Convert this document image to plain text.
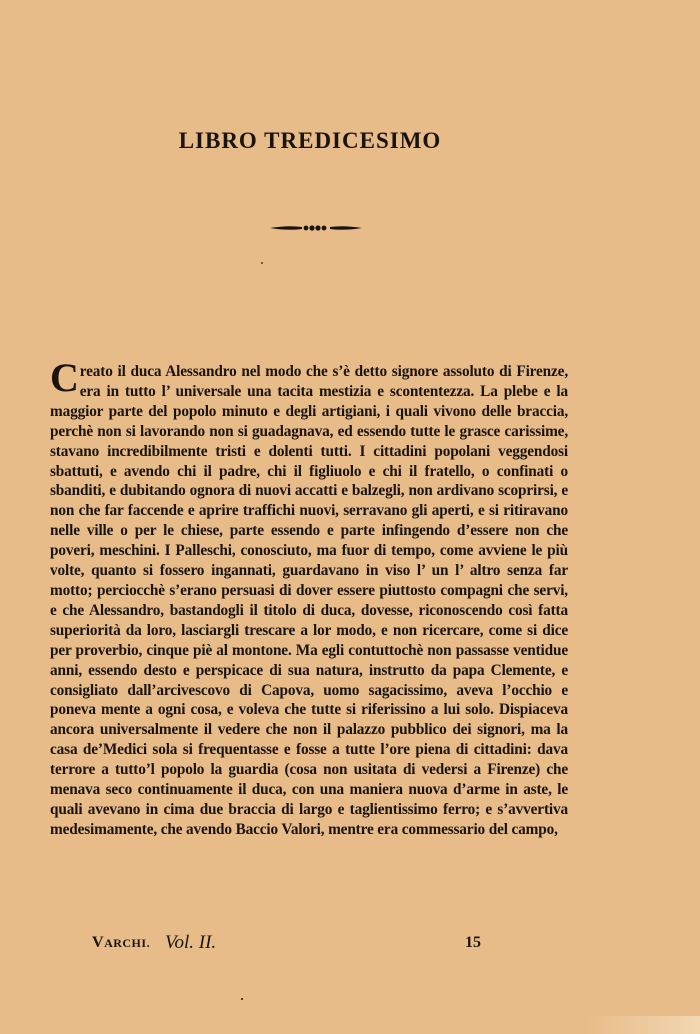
LIBRO TREDICESIMO

Creato il duca Alessandro nel modo che s’è detto signore assoluto di Firenze, era in tutto l’ universale una tacita mestizia e scontentezza. La plebe e la maggior parte del popolo minuto e degli artigiani, i quali vivono delle braccia, perchè non si lavorando non si guadagnava, ed essendo tutte le grasce carissime, stavano incredibilmente tristi e dolenti tutti. I cittadini popolani veggendosi sbattuti, e avendo chi il padre, chi il figliuolo e chi il fratello, o confinati o sbanditi, e dubitando ognora di nuovi accatti e balzegli, non ardivano scoprirsi, e non che far faccende e aprire traffichi nuovi, serravano gli aperti, e si ritiravano nelle ville o per le chiese, parte essendo e parte infingendo d’essere non che poveri, meschini. I Palleschi, conosciuto, ma fuor di tempo, come avviene le più volte, quanto si fossero ingannati, guardavano in viso l’ un l’ altro senza far motto; perciocchè s’erano persuasi di dover essere piuttosto compagni che servi, e che Alessandro, bastandogli il titolo di duca, dovesse, riconoscendo così fatta superiorità da loro, lasciargli trescare a lor modo, e non ricercare, come si dice per proverbio, cinque piè al montone. Ma egli contuttochè non passasse ventidue anni, essendo desto e perspicace di sua natura, instrutto da papa Clemente, e consigliato dall’arcivescovo di Capova, uomo sagacissimo, aveva l’occhio e poneva mente a ogni cosa, e voleva che tutte si riferissino a lui solo. Dispiaceva ancora universalmente il vedere che non il palazzo pubblico dei signori, ma la casa de’Medici sola si frequentasse e fosse a tutte l’ore piena di cittadini: dava terrore a tutto’l popolo la guardia (cosa non usitata di vedersi a Firenze) che menava seco continuamente il duca, con una maniera nuova d’arme in aste, le quali avevano in cima due braccia di largo e taglientissimo ferro; e s’avvertiva medesimamente, che avendo Baccio Valori, mentre era commessario del campo,

VARCHI. Vol. II.	15
